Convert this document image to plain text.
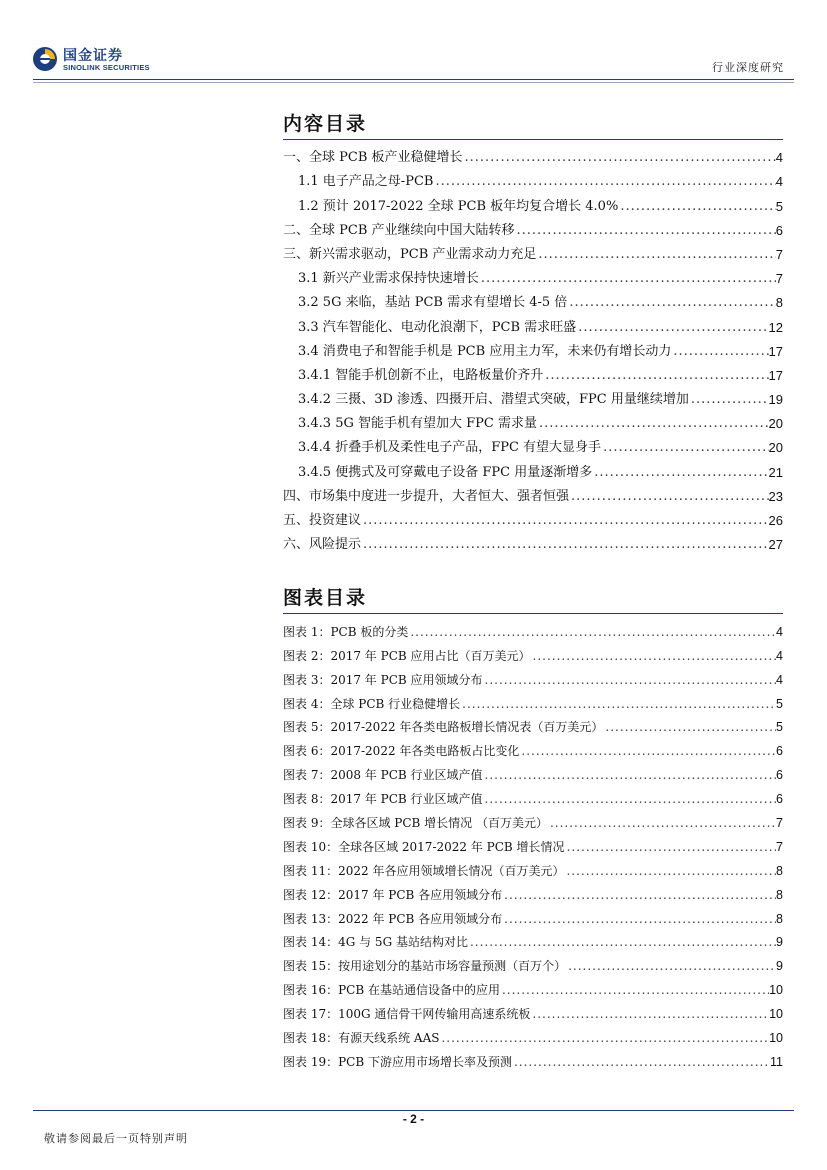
国金证券
SINOLINK SECURITIES	行业深度研究
内容目录
一、全球 PCB 板产业稳健增长 .....	4
1.1 电子产品之母-PCB .....	4
1.2 预计 2017-2022 全球 PCB 板年均复合增长 4.0% .....	5
二、全球 PCB 产业继续向中国大陆转移 .....	6
三、新兴需求驱动，PCB 产业需求动力充足 .....	7
3.1 新兴产业需求保持快速增长 .....	7
3.2 5G 来临，基站 PCB 需求有望增长 4-5 倍 .....	8
3.3 汽车智能化、电动化浪潮下，PCB 需求旺盛 .....	12
3.4 消费电子和智能手机是 PCB 应用主力军，未来仍有增长动力 .....	17
3.4.1 智能手机创新不止，电路板量价齐升 .....	17
3.4.2 三摄、3D 渗透、四摄开启、潜望式突破，FPC 用量继续增加 .....	19
3.4.3 5G 智能手机有望加大 FPC 需求量 .....	20
3.4.4 折叠手机及柔性电子产品，FPC 有望大显身手 .....	20
3.4.5 便携式及可穿戴电子设备 FPC 用量逐渐增多 .....	21
四、市场集中度进一步提升，大者恒大、强者恒强 .....	23
五、投资建议 .....	26
六、风险提示 .....	27
图表目录
图表 1：PCB 板的分类 .....	4
图表 2：2017 年 PCB 应用占比（百万美元） .....	4
图表 3：2017 年 PCB 应用领域分布 .....	4
图表 4：全球 PCB 行业稳健增长 .....	5
图表 5：2017-2022 年各类电路板增长情况表（百万美元） .....	5
图表 6：2017-2022 年各类电路板占比变化 .....	6
图表 7：2008 年 PCB 行业区域产值 .....	6
图表 8：2017 年 PCB 行业区域产值 .....	6
图表 9：全球各区域 PCB 增长情况 （百万美元） .....	7
图表 10：全球各区域 2017-2022 年 PCB 增长情况 .....	7
图表 11：2022 年各应用领域增长情况（百万美元） .....	8
图表 12：2017 年 PCB 各应用领域分布 .....	8
图表 13：2022 年 PCB 各应用领域分布 .....	8
图表 14：4G 与 5G 基站结构对比 .....	9
图表 15：按用途划分的基站市场容量预测（百万个） .....	9
图表 16：PCB 在基站通信设备中的应用 .....	10
图表 17：100G 通信骨干网传输用高速系统板 .....	10
图表 18：有源天线系统 AAS .....	10
图表 19：PCB 下游应用市场增长率及预测 .....	11
- 2 -
敬请参阅最后一页特别声明
